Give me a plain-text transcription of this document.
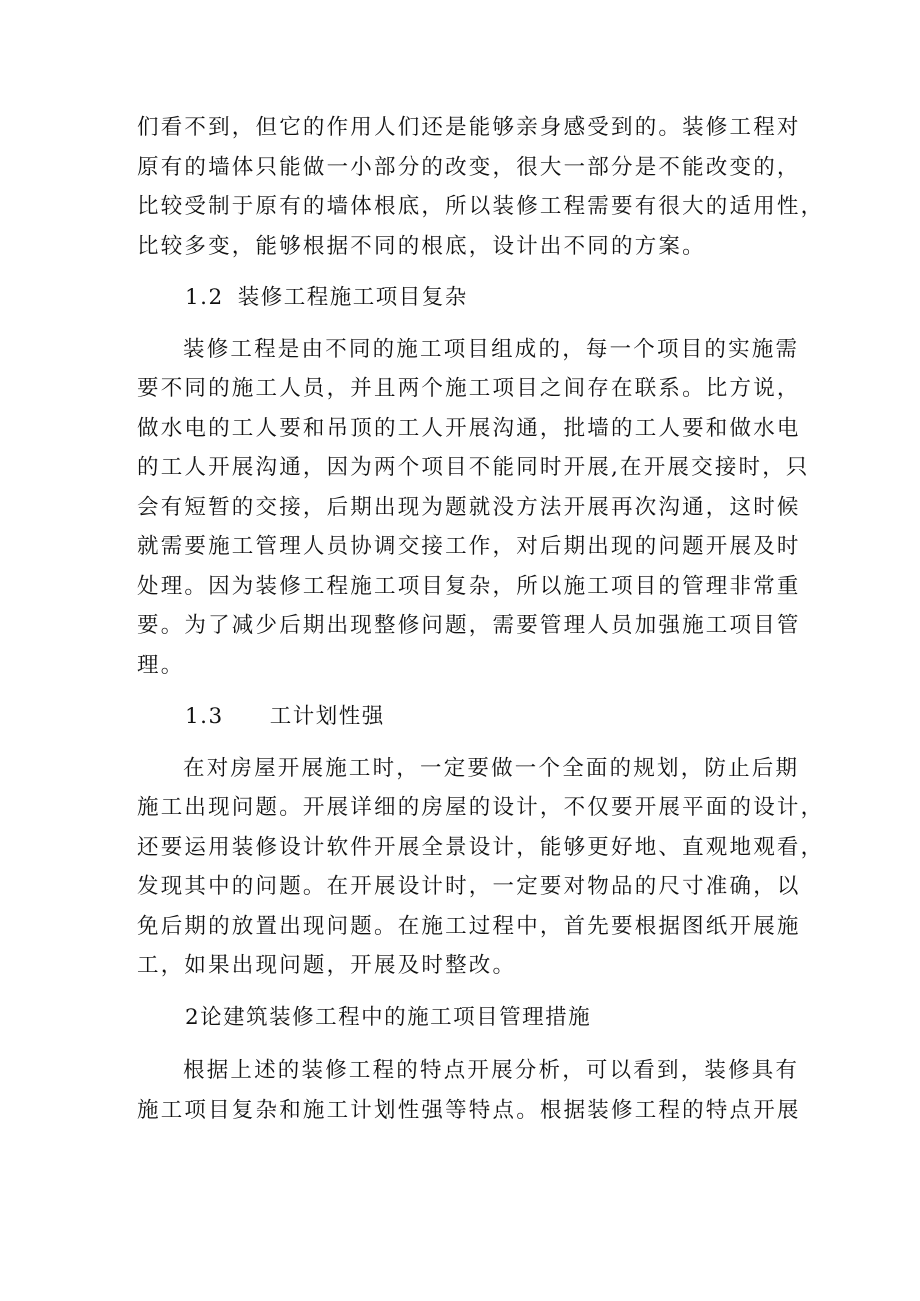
们看不到，但它的作用人们还是能够亲身感受到的。装修工程对
原有的墙体只能做一小部分的改变，很大一部分是不能改变的，
比较受制于原有的墙体根底，所以装修工程需要有很大的适用性，
比较多变，能够根据不同的根底，设计出不同的方案。
1.2 装修工程施工项目复杂
装修工程是由不同的施工项目组成的，每一个项目的实施需
要不同的施工人员，并且两个施工项目之间存在联系。比方说，
做水电的工人要和吊顶的工人开展沟通，批墙的工人要和做水电
的工人开展沟通，因为两个项目不能同时开展,在开展交接时，只
会有短暂的交接，后期出现为题就没方法开展再次沟通，这时候
就需要施工管理人员协调交接工作，对后期出现的问题开展及时
处理。因为装修工程施工项目复杂，所以施工项目的管理非常重
要。为了减少后期出现整修问题，需要管理人员加强施工项目管
理。
1.3 工计划性强
在对房屋开展施工时，一定要做一个全面的规划，防止后期
施工出现问题。开展详细的房屋的设计，不仅要开展平面的设计，
还要运用装修设计软件开展全景设计，能够更好地、直观地观看，
发现其中的问题。在开展设计时，一定要对物品的尺寸准确，以
免后期的放置出现问题。在施工过程中，首先要根据图纸开展施
工，如果出现问题，开展及时整改。
2论建筑装修工程中的施工项目管理措施
根据上述的装修工程的特点开展分析，可以看到，装修具有
施工项目复杂和施工计划性强等特点。根据装修工程的特点开展
